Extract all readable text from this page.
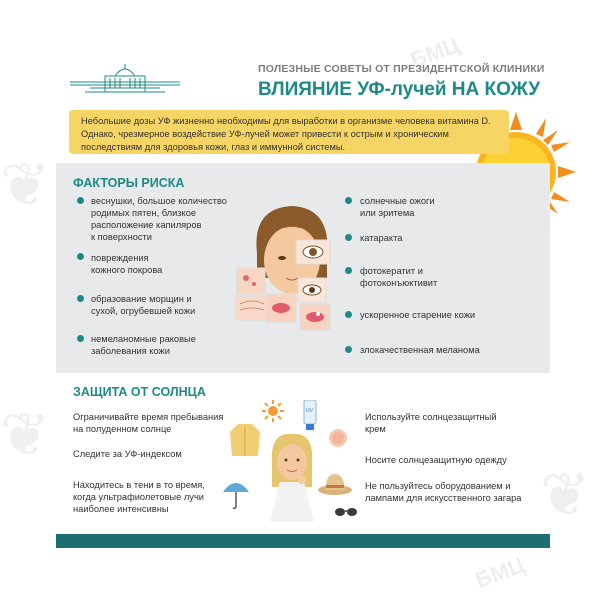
❦
❦
❦
БМЦ
БМЦ
ПОЛЕЗНЫЕ СОВЕТЫ ОТ ПРЕЗИДЕНТСКОЙ КЛИНИКИ
ВЛИЯНИЕ УФ-лучей НА КОЖУ
Небольшие дозы УФ жизненно необходимы для выработки в организме человека витамина D.
Однако, чрезмерное воздействие УФ-лучей может привести к острым и хроническим
последствиям для здоровья кожи, глаз и иммунной системы.
ФАКТОРЫ РИСКА
веснушки, большое количество
родимых пятен, близкое
расположение капиляров
к поверхности
повреждения
кожного покрова
образование морщин и
сухой, огрубевшей кожи
немеланомные раковые
заболевания кожи
солнечные ожоги
или эритема
катаракта
фотокератит и
фотоконъюктивит
ускоренное старение кожи
злокачественная меланома
ЗАЩИТА ОТ СОЛНЦА
Ограничивайте время пребывания
на полуденном солнце
Следите за УФ-индексом
Находитесь в тени в то время,
когда ультрафиолетовые лучи
наиболее интенсивны
Используйте солнцезащитный
крем
Носите солнцезащитную одежду
Не пользуйтесь оборудованием и
лампами для искусственного загара
UV
